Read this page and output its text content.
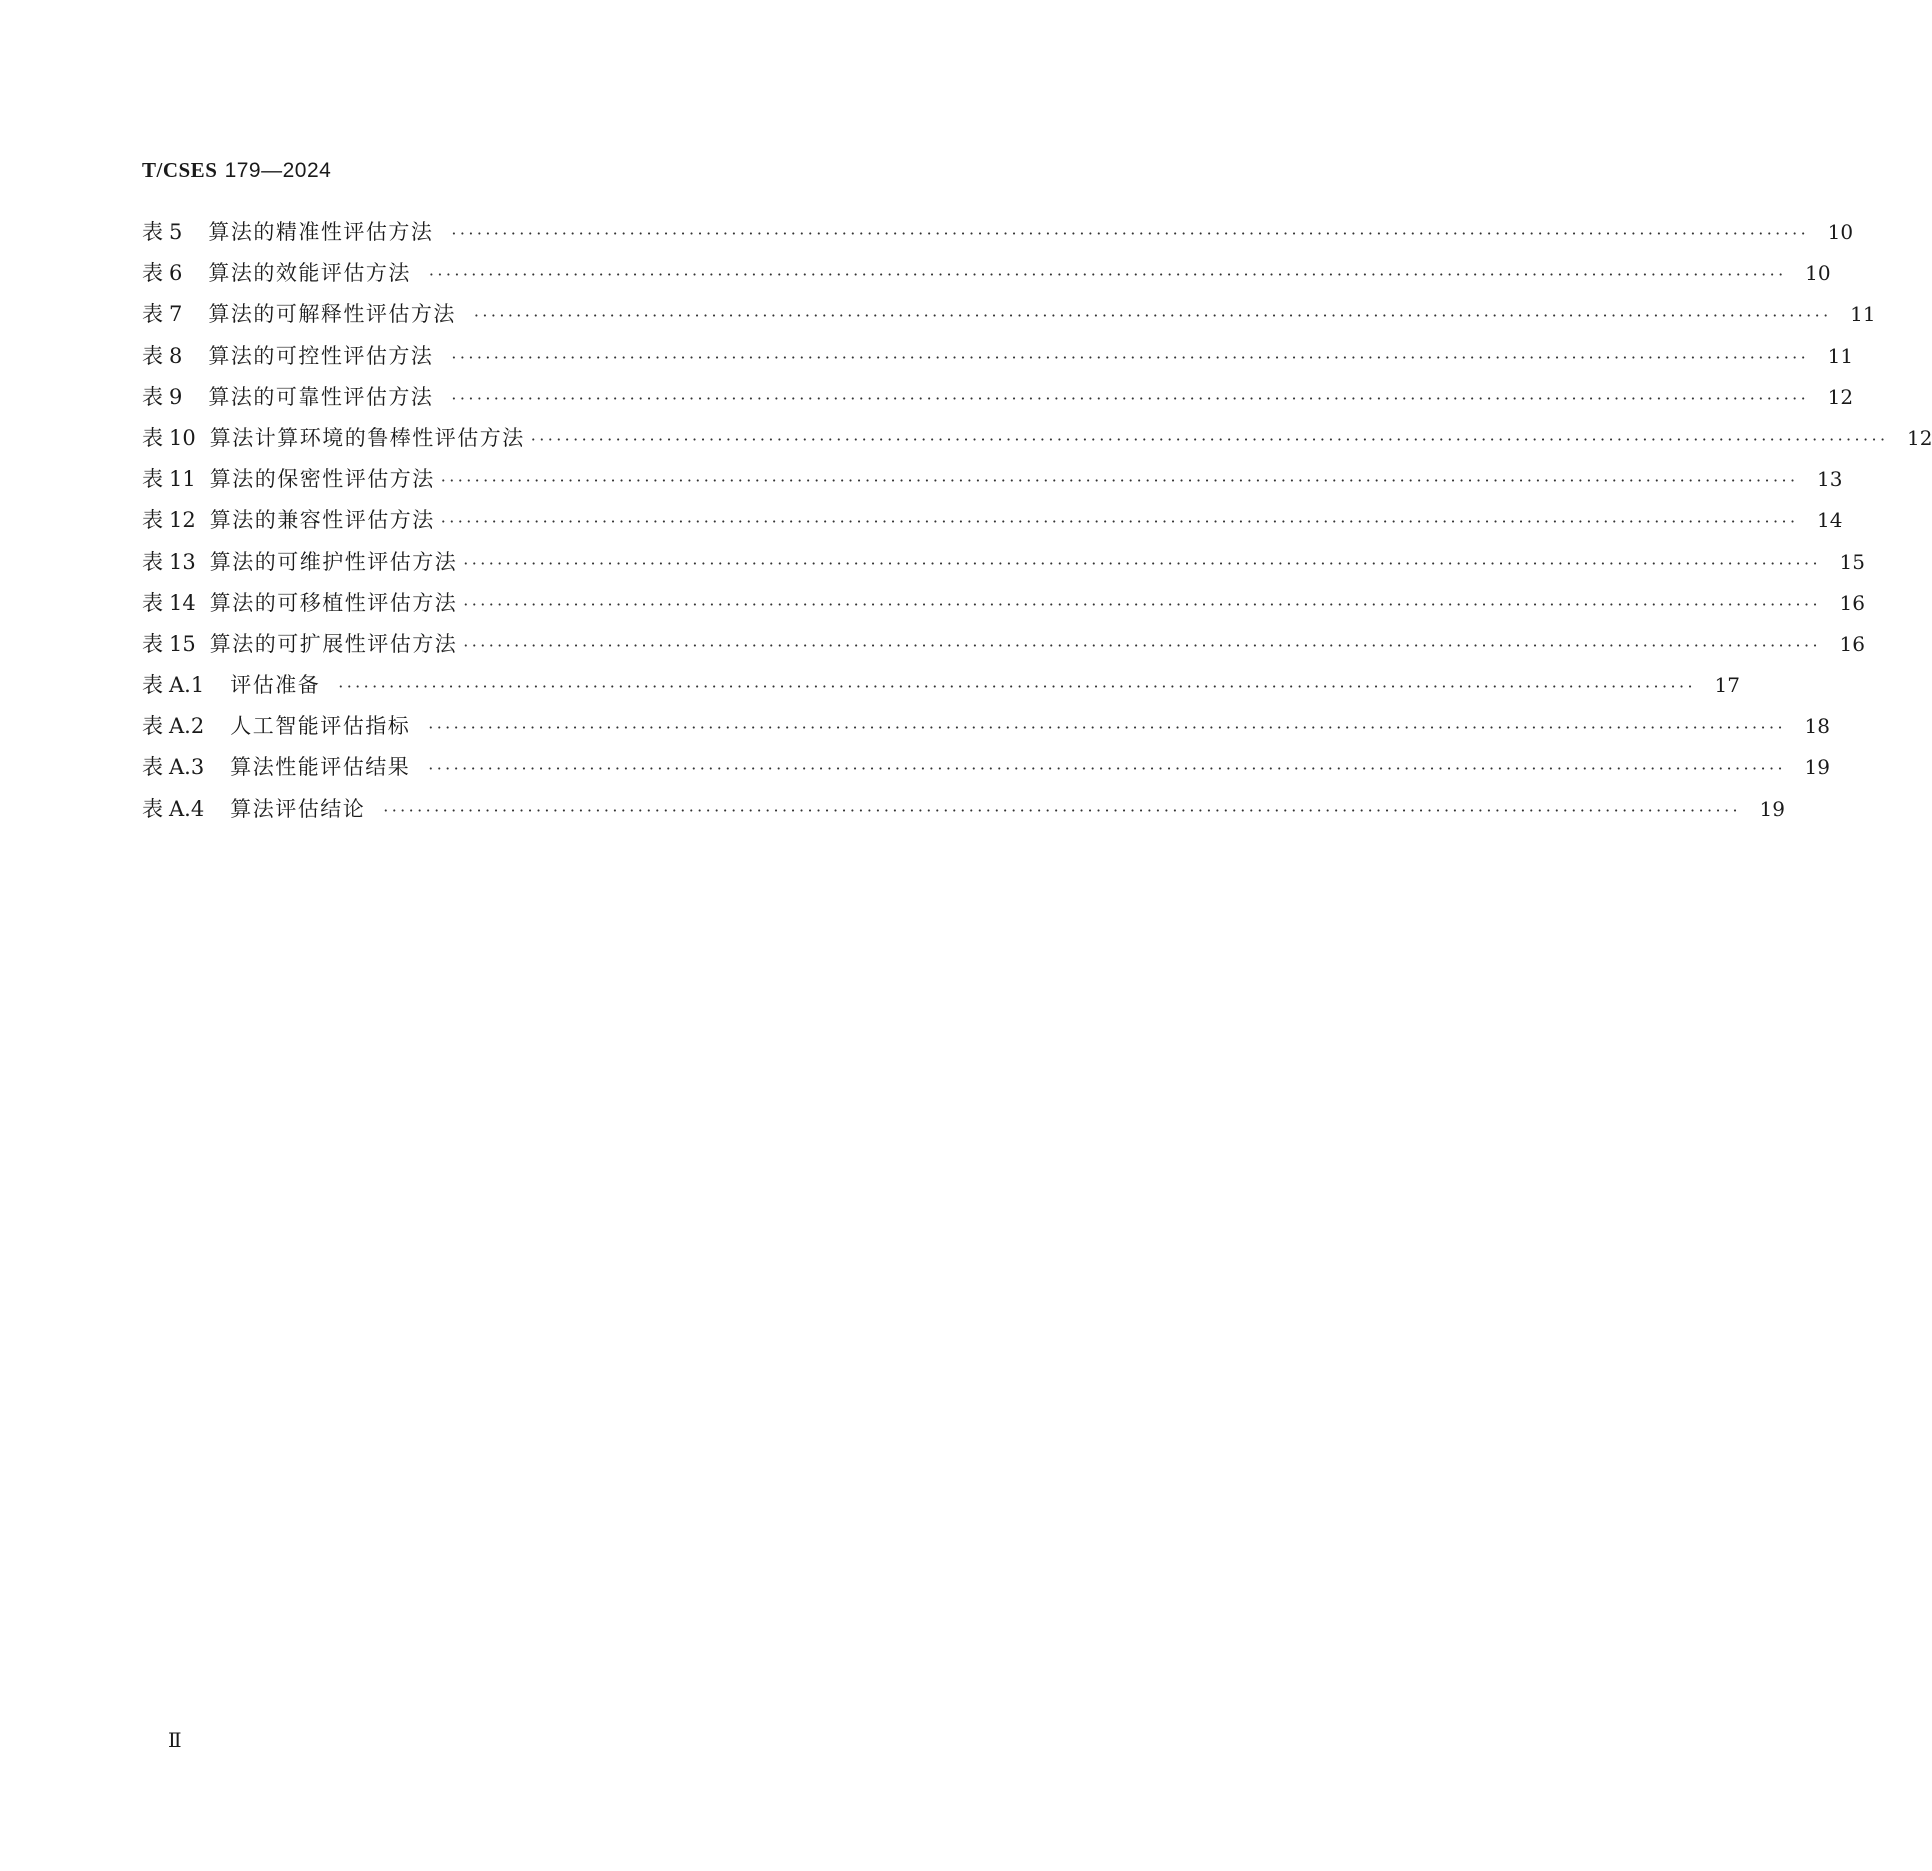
T/CSES 179—2024
表 5	算法的精准性评估方法 ································································································································································ 10
表 6	算法的效能评估方法 ································································································································································ 10
表 7	算法的可解释性评估方法 ································································································································································ 11
表 8	算法的可控性评估方法 ································································································································································ 11
表 9	算法的可靠性评估方法 ································································································································································ 12
表 10 算法计算环境的鲁棒性评估方法 ································································································································································ 12
表 11 算法的保密性评估方法 ································································································································································ 13
表 12 算法的兼容性评估方法 ································································································································································ 14
表 13 算法的可维护性评估方法 ································································································································································ 15
表 14 算法的可移植性评估方法 ································································································································································ 16
表 15 算法的可扩展性评估方法 ································································································································································ 16
表 A.1	评估准备 ································································································································································ 17
表 A.2	人工智能评估指标 ································································································································································ 18
表 A.3	算法性能评估结果 ································································································································································ 19
表 A.4	算法评估结论 ································································································································································ 19
Ⅱ
